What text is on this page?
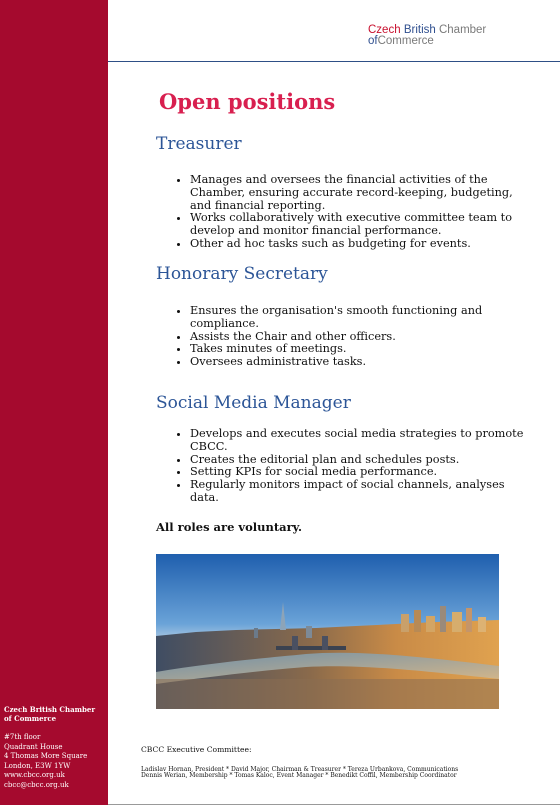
Czech British Chamber
of Commerce
#7th floor
Quadrant House
4 Thomas More Square
London, E3W 1YW
www.cbcc.org.uk
cbcc@cbcc.org.uk
Czech British Chamber
ofCommerce
Open positions
Treasurer
• Manages and oversees the financial activities of the Chamber, ensuring accurate record-keeping, budgeting, and financial reporting.
• Works collaboratively with executive committee team to develop and monitor financial performance.
• Other ad hoc tasks such as budgeting for events.
Honorary Secretary
• Ensures the organisation's smooth functioning and compliance.
• Assists the Chair and other officers.
• Takes minutes of meetings.
• Oversees administrative tasks.
Social Media Manager
• Develops and executes social media strategies to promote CBCC.
• Creates the editorial plan and schedules posts.
• Setting KPIs for social media performance.
• Regularly monitors impact of social channels, analyses data.

All roles are voluntary.

CBCC Executive Committee:
Ladislav Hornan, President * David Major, Chairman & Treasurer * Tereza Urbankova, Communications
Dennis Werian, Membership * Tomas Kaloc, Event Manager * Benedikt Coffil, Membership Coordinator
